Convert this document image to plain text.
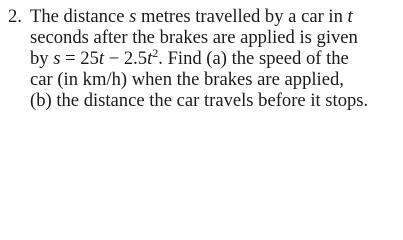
2. The distance s metres travelled by a car in t
seconds after the brakes are applied is given
by $s = 25t - 2.5t^2$. Find (a) the speed of the
car (in km/h) when the brakes are applied,
(b) the distance the car travels before it stops.
